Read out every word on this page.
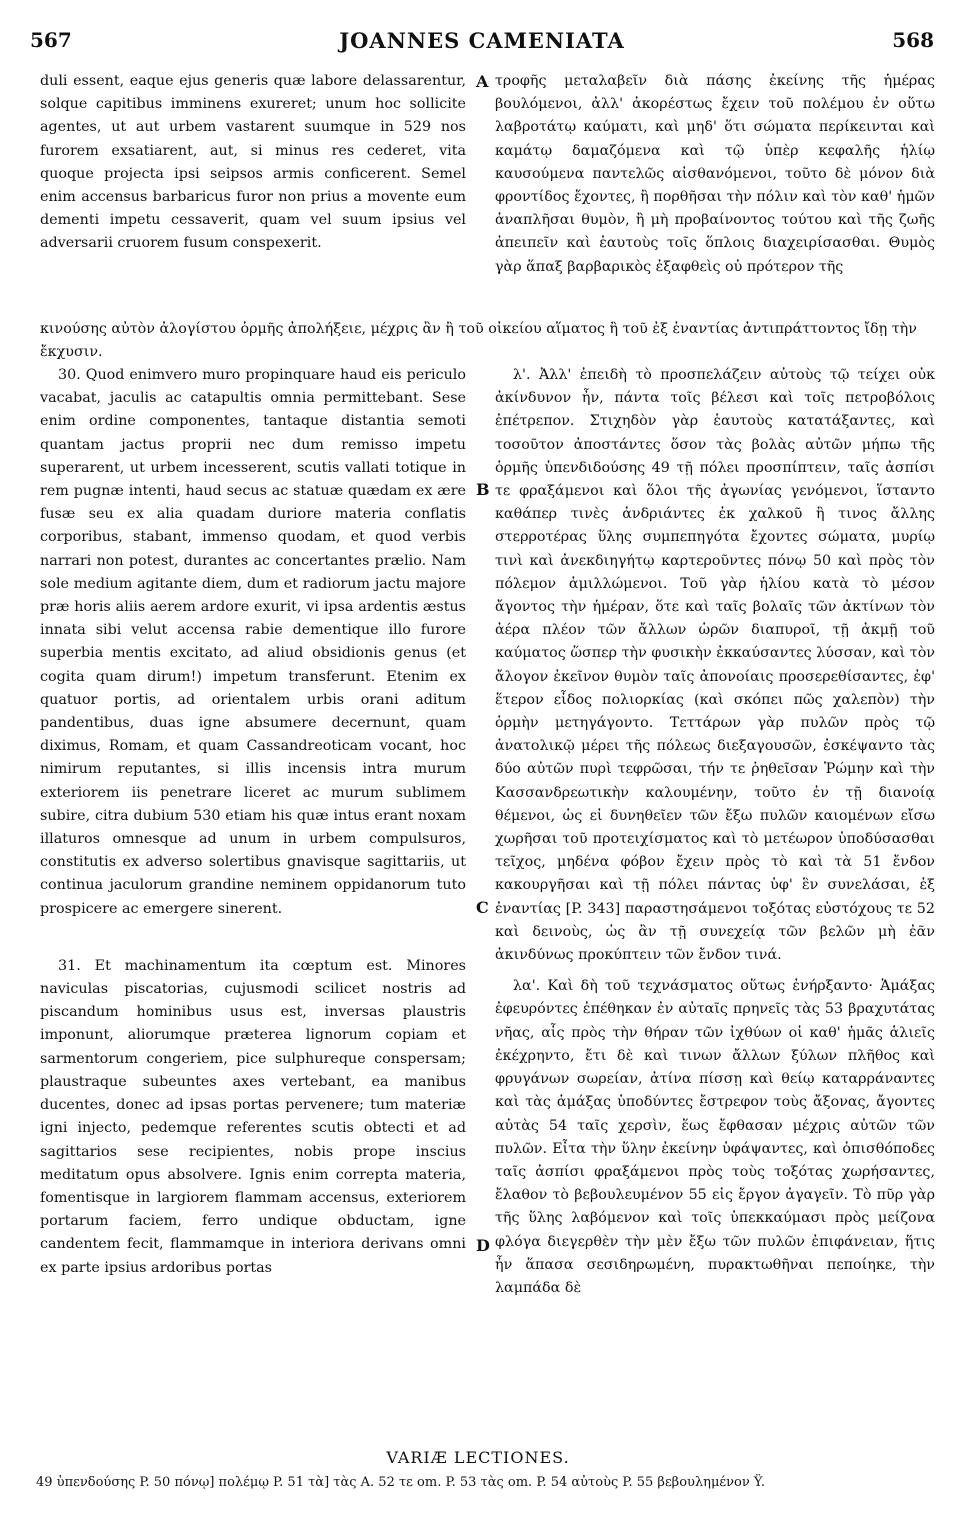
567	JOANNES CAMENIATA	568

duli essent, eaque ejus generis quæ labore delassarentur, solque capitibus imminens exureret; unum hoc sollicite agentes, ut aut urbem vastarent suumque in 529 nos furorem exsatiarent, aut, si minus res cederet, vita quoque projecta ipsi seipsos armis conficerent. Semel enim accensus barbaricus furor non prius a movente eum dementi impetu cessaverit, quam vel suum ipsius vel adversarii cruorem fusum conspexerit.

τροφῆς μεταλαβεῖν διὰ πάσης ἐκείνης τῆς ἡμέρας βουλόμενοι, ἀλλ' ἀκορέστως ἔχειν τοῦ πολέμου ἐν οὕτω λαβρoτάτῳ καύματι, καὶ μηδ' ὅτι σώματα περίκεινται καὶ καμάτῳ δαμαζόμενα καὶ τῷ ὑπὲρ κεφαλῆς ἡλίῳ καυσούμενα παντελῶς αἰσθανόμενοι, τοῦτο δὲ μόνον διὰ φροντίδος ἔχοντες, ἢ πορθῆσαι τὴν πόλιν καὶ τὸν καθ' ἡμῶν ἀναπλῆσαι θυμὸν, ἢ μὴ προβαίνοντος τούτου καὶ τῆς ζωῆς ἀπειπεῖν καὶ ἑαυτοὺς τοῖς ὅπλοις διαχειρίσασθαι. Θυμὸς γὰρ ἅπαξ βαρβαρικὸς ἐξαφθεὶς οὐ πρότερον τῆς

κινούσης αὐτὸν ἀλογίστου ὁρμῆς ἀπολήξειε, μέχρις ἂν ἢ τοῦ οἰκείου αἵματος ἢ τοῦ ἐξ ἐναντίας ἀντιπράττοντος ἴδῃ τὴν ἔκχυσιν.

30. Quod enimvero muro propinquare haud eis periculo vacabat, jaculis ac catapultis omnia permittebant. Sese enim ordine componentes, tantaque distantia semoti quantam jactus proprii nec dum remisso impetu superarent, ut urbem incesserent, scutis vallati totique in rem pugnæ intenti, haud secus ac statuæ quædam ex ære fusæ seu ex alia quadam duriore materia conflatis corporibus, stabant, immenso quodam, et quod verbis narrari non potest, durantes ac concertantes prælio. Nam sole medium agitante diem, dum et radiorum jactu majore præ horis aliis aerem ardore exurit, vi ipsa ardentis æstus innata sibi velut accensa rabie dementique illo furore superbia mentis excitato, ad aliud obsidionis genus (et cogita quam dirum!) impetum transferunt. Etenim ex quatuor portis, ad orientalem urbis orani aditum pandentibus, duas igne absumere decernunt, quam diximus, Romam, et quam Cassandreoticam vocant, hoc nimirum reputantes, si illis incensis intra murum exteriorem iis penetrare liceret ac murum sublimem subire, citra dubium 530 etiam his quæ intus erant noxam illaturos omnesque ad unum in urbem compulsuros, constitutis ex adverso solertibus gnavisque sagittariis, ut continua jaculorum grandine neminem oppidanorum tuto prospicere ac emergere sinerent.

31. Et machinamentum ita cœptum est. Minores naviculas piscatorias, cujusmodi scilicet nostris ad piscandum hominibus usus est, inversas plaustris imponunt, aliorumque præterea lignorum copiam et sarmentorum congeriem, pice sulphureque conspersam; plaustraque subeuntes axes vertebant, ea manibus ducentes, donec ad ipsas portas pervenere; tum materiæ igni injecto, pedemque referentes scutis obtecti et ad sagittarios sese recipientes, nobis prope inscius meditatum opus absolvere. Ignis enim correpta materia, fomentisque in largiorem flammam accensus, exteriorem portarum faciem, ferro undique obductam, igne candentem fecit, flammamque in interiora derivans omni ex parte ipsius ardoribus portas

λ'. Ἀλλ' ἐπειδὴ τὸ προσπελάζειν αὐτοὺς τῷ τείχει οὐκ ἀκίνδυνον ἦν, πάντα τοῖς βέλεσι καὶ τοῖς πετροβόλοις ἐπέτρεπον. Στιχηδὸν γὰρ ἑαυτοὺς κατατάξαντες, καὶ τοσοῦτον ἀποστάντες ὅσον τὰς βολὰς αὐτῶν μήπω τῆς ὁρμῆς ὑπενδιδούσης 49 τῇ πόλει προσπίπτειν, ταῖς ἀσπίσι τε φραξάμενοι καὶ ὅλοι τῆς ἀγωνίας γενόμενοι, ἵσταντο καθάπερ τινὲς ἀνδριάντες ἐκ χαλκοῦ ἢ τινος ἄλλης στερροτέρας ὕλης συμπεπηγότα ἔχοντες σώματα, μυρίῳ τινὶ καὶ ἀνεκδιηγήτῳ καρτεροῦντες πόνῳ 50 καὶ πρὸς τὸν πόλεμον ἁμιλλώμενοι. Τοῦ γὰρ ἡλίου κατὰ τὸ μέσον ἄγοντος τὴν ἡμέραν, ὅτε καὶ ταῖς βολαῖς τῶν ἀκτίνων τὸν ἀέρα πλέον τῶν ἄλλων ὡρῶν διαπυροῖ, τῇ ἀκμῇ τοῦ καύματος ὥσπερ τὴν φυσικὴν ἐκκαύσαντες λύσσαν, καὶ τὸν ἄλογον ἐκεῖνον θυμὸν ταῖς ἀπονοίαις προσερεθίσαντες, ἐφ' ἕτερον εἶδος πολιορκίας (καὶ σκόπει πῶς χαλεπὸν) τὴν ὁρμὴν μετηγάγοντο. Τεττάρων γὰρ πυλῶν πρὸς τῷ ἀνατολικῷ μέρει τῆς πόλεως διεξαγουσῶν, ἐσκέψαντο τὰς δύο αὐτῶν πυρὶ τεφρῶσαι, τήν τε ῥηθεῖσαν Ῥώμην καὶ τὴν Κασσανδρεωτικὴν καλουμένην, τοῦτο ἐν τῇ διανοίᾳ θέμενοι, ὡς εἰ δυνηθεῖεν τῶν ἔξω πυλῶν καιομένων εἴσω χωρῆσαι τοῦ προτειχίσματος καὶ τὸ μετέωρον ὑποδύσασθαι τεῖχος, μηδένα φόβον ἔχειν πρὸς τὸ καὶ τὰ 51 ἔνδον κακουργῆσαι καὶ τῇ πόλει πάντας ὑφ' ἓν συνελάσαι, ἐξ ἐναντίας [P. 343] παραστησάμενοι τοξότας εὐστόχους τε 52 καὶ δεινοὺς, ὡς ἂν τῇ συνεχείᾳ τῶν βελῶν μὴ ἐᾶν ἀκινδύνως προκύπτειν τῶν ἔνδον τινά.

λα'. Καὶ δὴ τοῦ τεχνάσματος οὕτως ἐνήρξαντο· Ἁμάξας ἐφευρόντες ἐπέθηκαν ἐν αὐταῖς πρηνεῖς τὰς 53 βραχυτάτας νῆας, αἷς πρὸς τὴν θήραν τῶν ἰχθύων οἱ καθ' ἡμᾶς ἁλιεῖς ἐκέχρηντο, ἔτι δὲ καὶ τινων ἄλλων ξύλων πλῆθος καὶ φρυγάνων σωρείαν, ἀτίνα πίσσῃ καὶ θείῳ καταρράναντες καὶ τὰς ἁμάξας ὑποδύντες ἔστρεφον τοὺς ἄξονας, ἄγοντες αὐτὰς 54 ταῖς χερσὶν, ἕως ἔφθασαν μέχρις αὐτῶν τῶν πυλῶν. Εἶτα τὴν ὕλην ἐκείνην ὑφάψαντες, καὶ ὀπισθόποδες ταῖς ἀσπίσι φραξάμενοι πρὸς τοὺς τοξότας χωρήσαντες, ἔλαθον τὸ βεβουλευμένον 55 εἰς ἔργον ἀγαγεῖν. Τὸ πῦρ γὰρ τῆς ὕλης λαβόμενον καὶ τοῖς ὑπεκκαύμασι πρὸς μείζονα φλόγα διεγερθὲν τὴν μὲν ἔξω τῶν πυλῶν ἐπιφάνειαν, ἥτις ἦν ἅπασα σεσιδηρωμένη, πυρακτωθῆναι πεποίηκε, τὴν λαμπάδα δὲ

A
B
C
D
VARIÆ LECTIONES.
49 ὑπενδούσης P. 50 πόνῳ] πολέμῳ P. 51 τὰ] τὰς A. 52 τε om. P. 53 τὰς om. P. 54 αὐτοὺς P. 55 βεβουλημένον Ÿ.
